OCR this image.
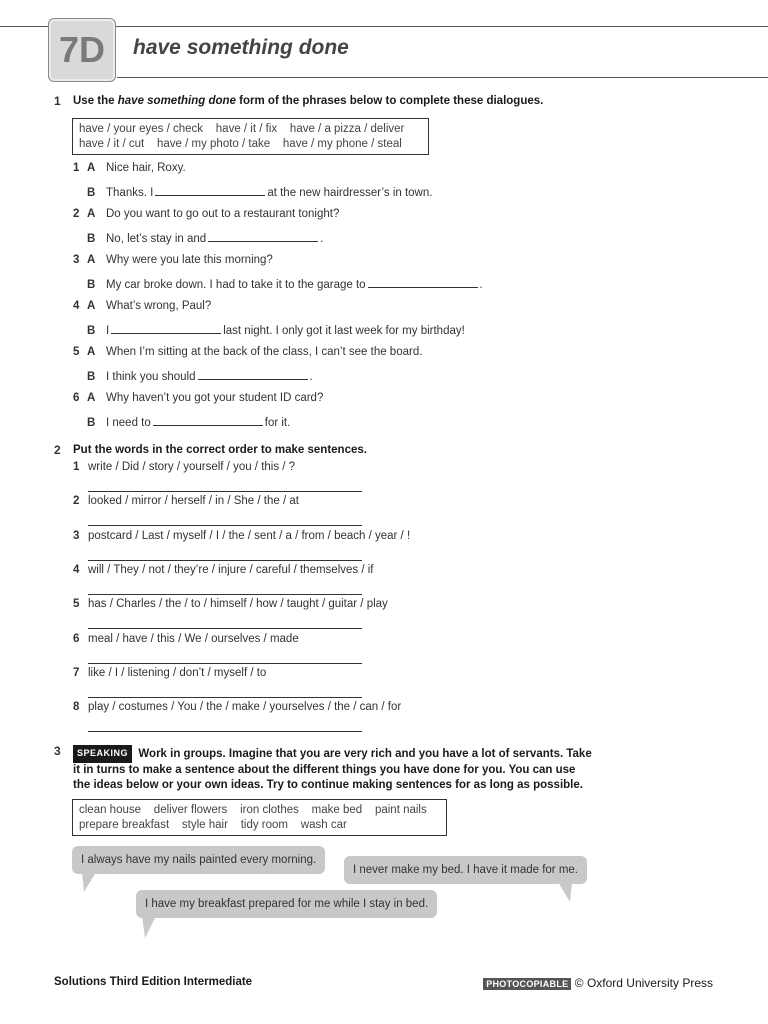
7D	have something done
1 Use the have something done form of the phrases below to complete these dialogues.
have / your eyes / check    have / it / fix    have / a pizza / deliver
have / it / cut    have / my photo / take    have / my phone / steal
1 A Nice hair, Roxy.
B Thanks. I	at the new hairdresser’s in town.
2 A Do you want to go out to a restaurant tonight?
B No, let’s stay in and	.
3 A Why were you late this morning?
B My car broke down. I had to take it to the garage to	.
4 A What’s wrong, Paul?
B I	last night. I only got it last week for my birthday!
5 A When I’m sitting at the back of the class, I can’t see the board.
B I think you should	.
6 A Why haven’t you got your student ID card?
B I need to	for it.
2 Put the words in the correct order to make sentences.
1 write / Did / story / yourself / you / this / ?
2 looked / mirror / herself / in / She / the / at
3 postcard / Last / myself / I / the / sent / a / from / beach / year / !
4 will / They / not / they’re / injure / careful / themselves / if
5 has / Charles / the / to / himself / how / taught / guitar / play
6 meal / have / this / We / ourselves / made
7 like / I / listening / don’t / myself / to
8 play / costumes / You / the / make / yourselves / the / can / for
3	SPEAKING Work in groups. Imagine that you are very rich and you have a lot of servants. Take
it in turns to make a sentence about the different things you have done for you. You can use
the ideas below or your own ideas. Try to continue making sentences for as long as possible.
clean house    deliver flowers    iron clothes    make bed    paint nails
prepare breakfast    style hair    tidy room    wash car
I always have my nails painted every morning.
I never make my bed. I have it made for me.
I have my breakfast prepared for me while I stay in bed.
Solutions Third Edition Intermediate	PHOTOCOPIABLE © Oxford University Press
